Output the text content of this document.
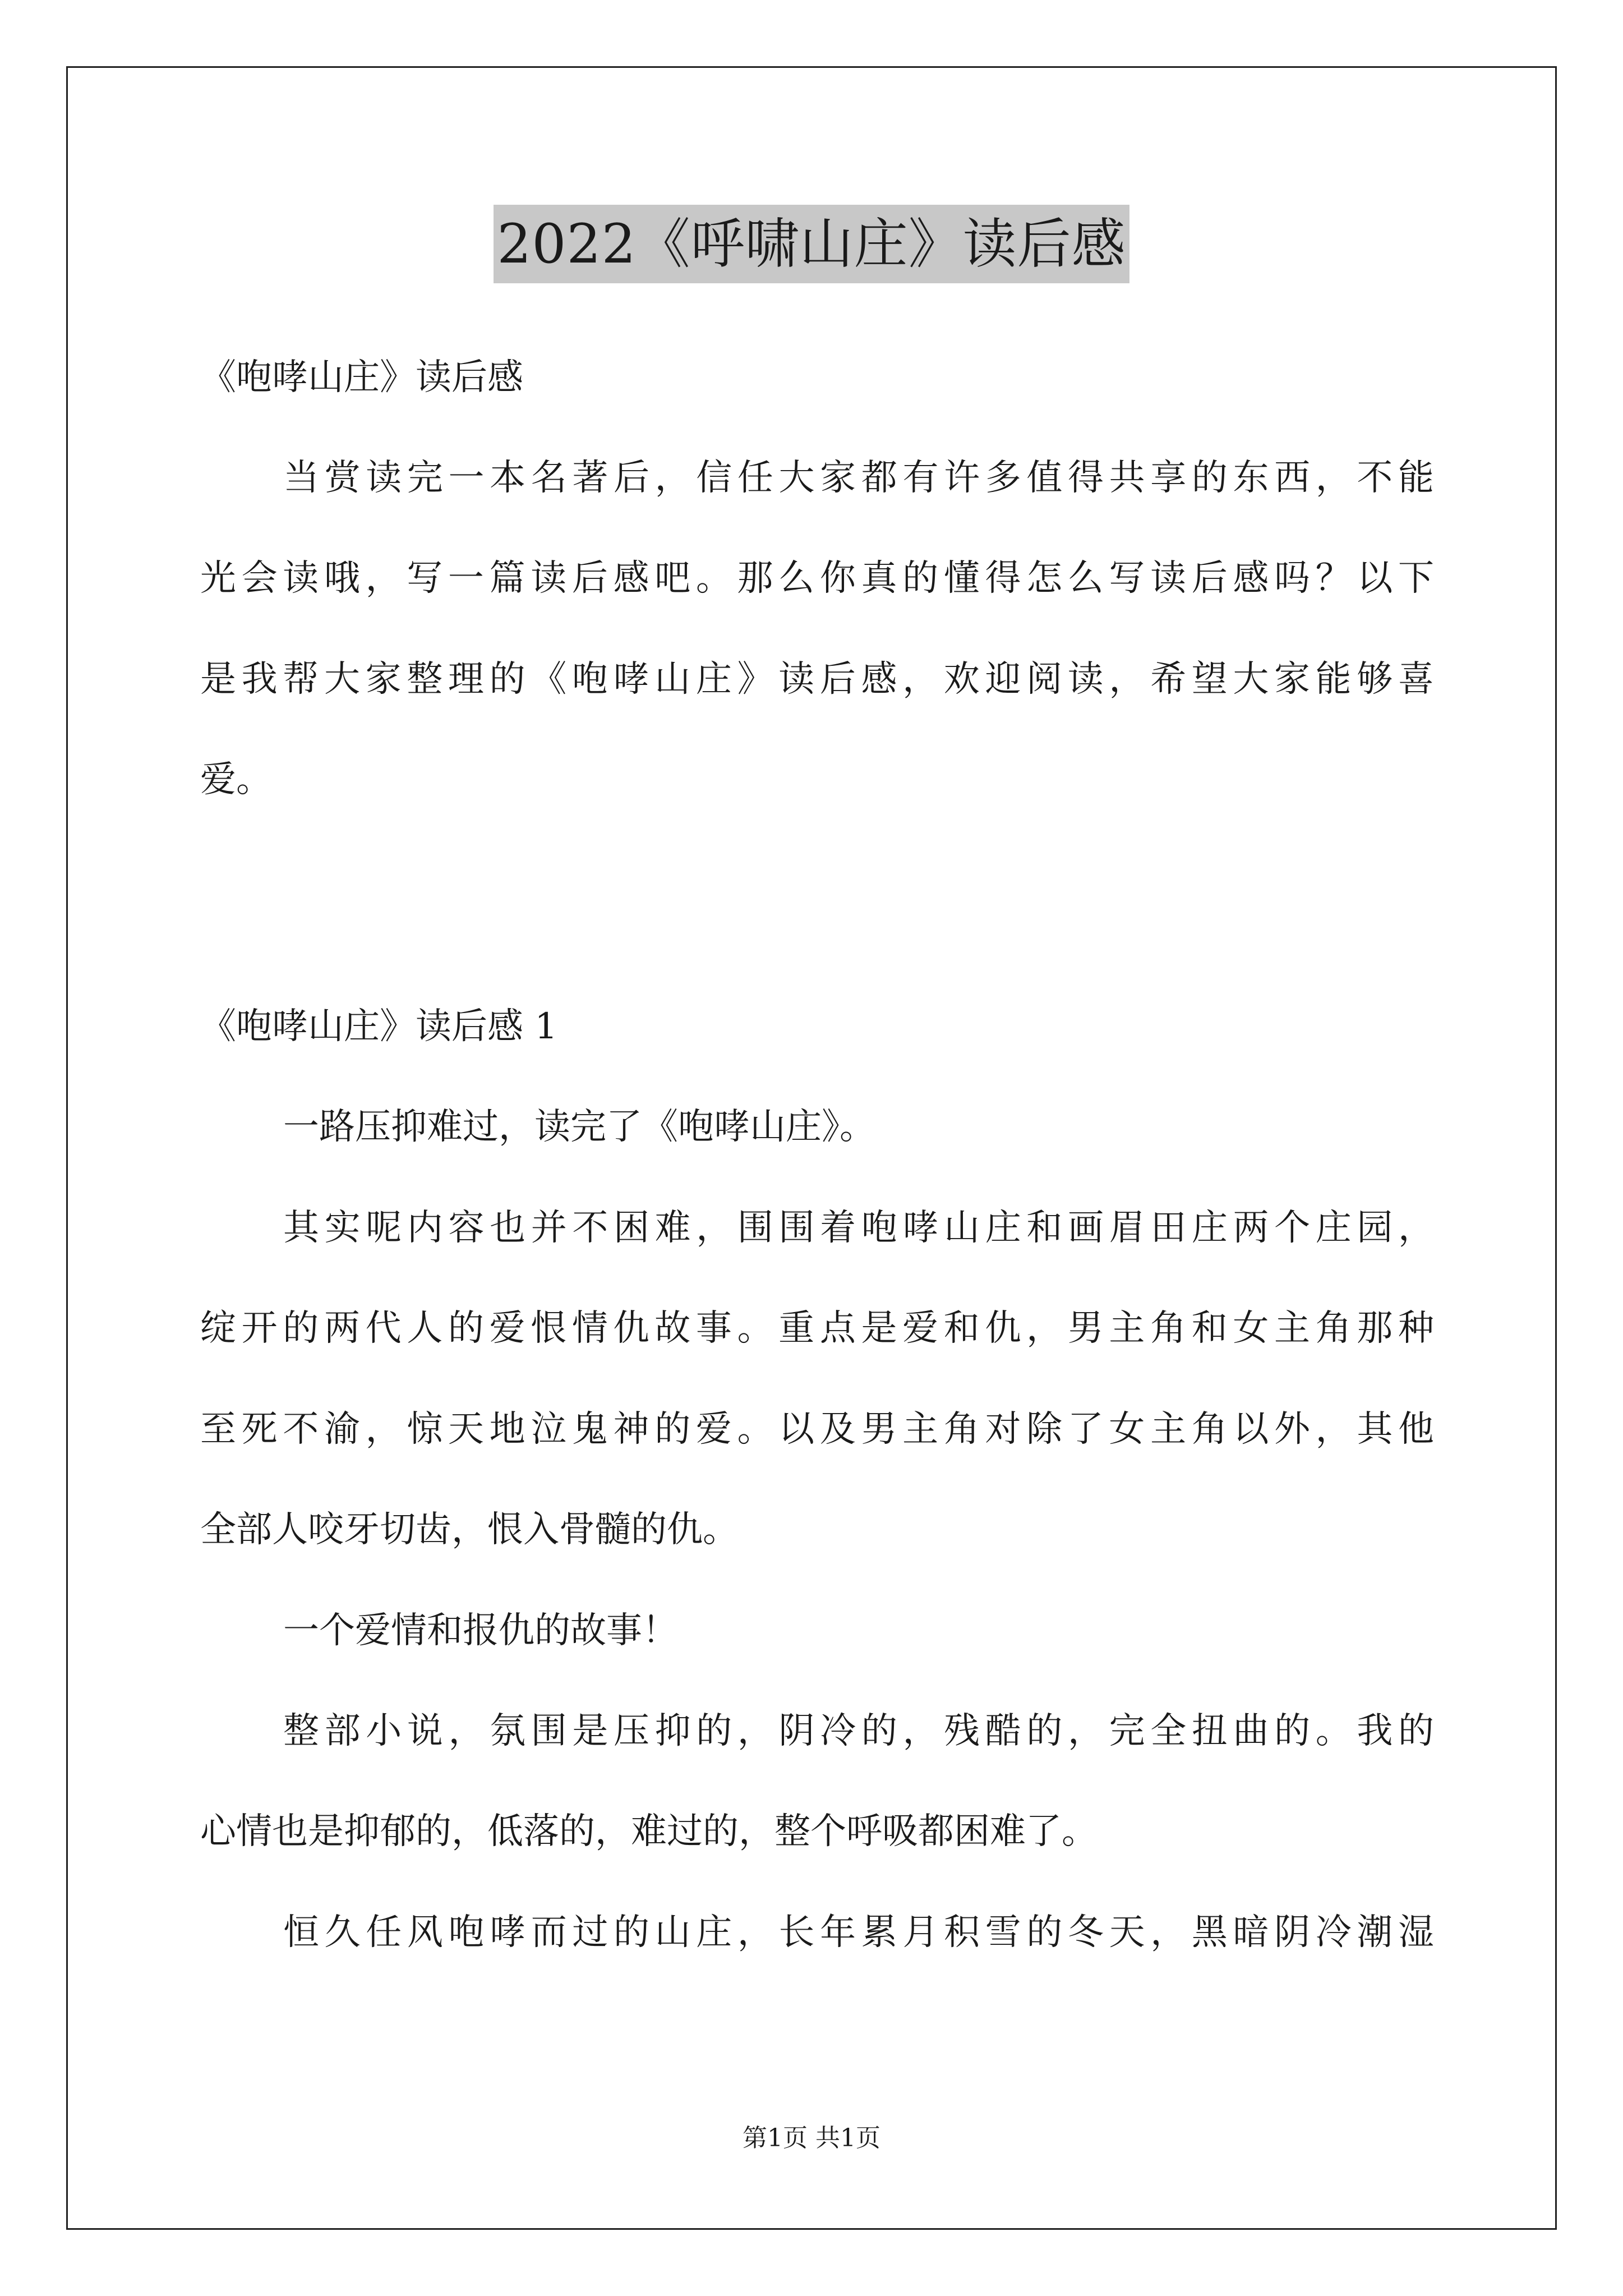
2022《呼啸山庄》读后感
《咆哮山庄》读后感
当赏读完一本名著后，信任大家都有许多值得共享的东西，不能
光会读哦，写一篇读后感吧。那么你真的懂得怎么写读后感吗？以下
是我帮大家整理的《咆哮山庄》读后感，欢迎阅读，希望大家能够喜
爱。
《咆哮山庄》读后感 1
一路压抑难过，读完了《咆哮山庄》。
其实呢内容也并不困难，围围着咆哮山庄和画眉田庄两个庄园，
绽开的两代人的爱恨情仇故事。重点是爱和仇，男主角和女主角那种
至死不渝，惊天地泣鬼神的爱。以及男主角对除了女主角以外，其他
全部人咬牙切齿，恨入骨髓的仇。
一个爱情和报仇的故事！
整部小说，氛围是压抑的，阴冷的，残酷的，完全扭曲的。我的
心情也是抑郁的，低落的，难过的，整个呼吸都困难了。
恒久任风咆哮而过的山庄，长年累月积雪的冬天，黑暗阴冷潮湿
第1页 共1页
